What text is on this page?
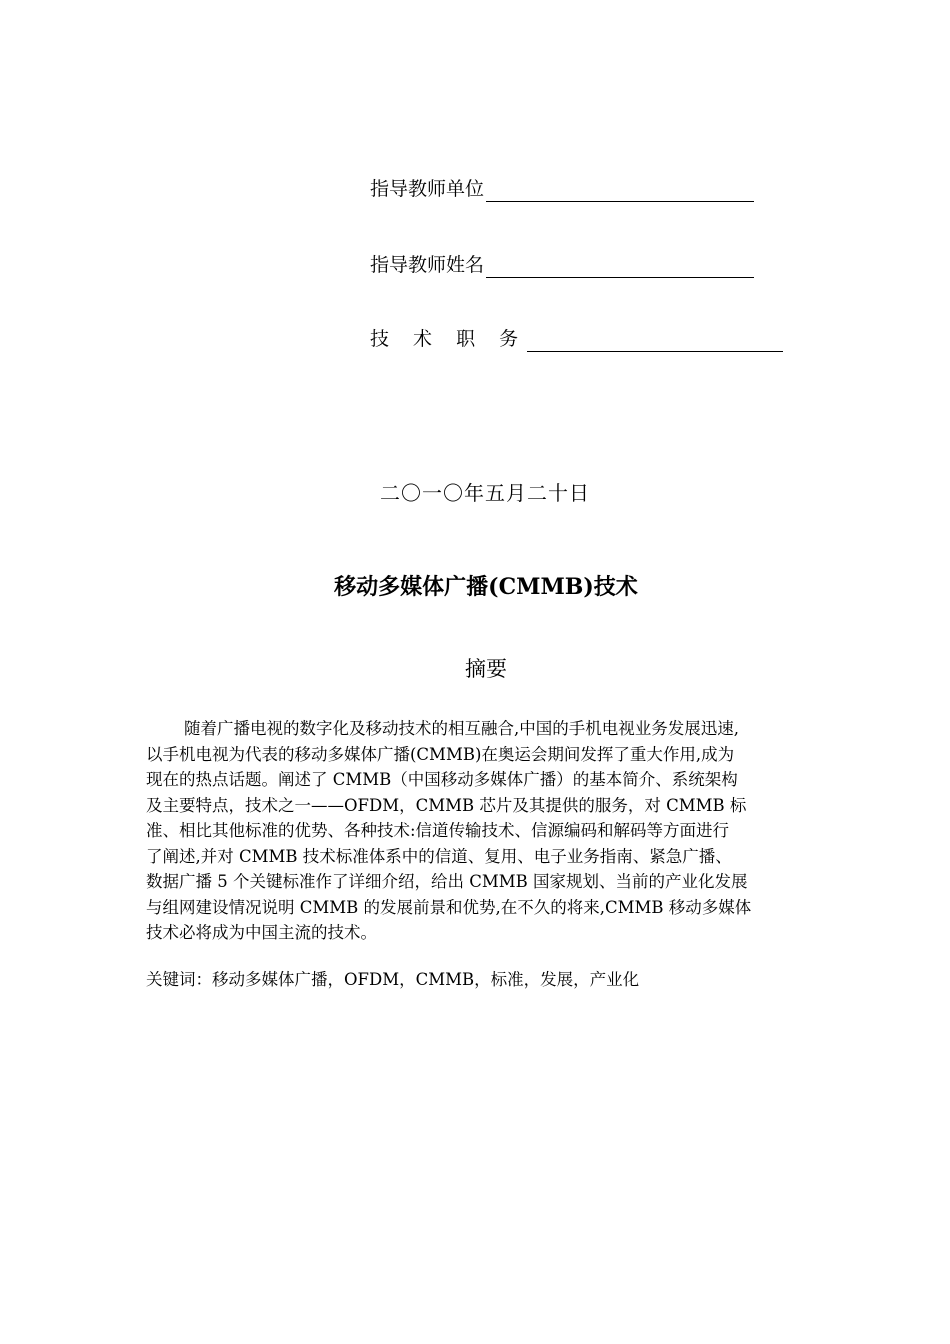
指导教师单位
指导教师姓名
技 术 职 务
二〇一〇年五月二十日
移动多媒体广播(CMMB)技术
摘要
随着广播电视的数字化及移动技术的相互融合,中国的手机电视业务发展迅速,
以手机电视为代表的移动多媒体广播(CMMB)在奥运会期间发挥了重大作用,成为
现在的热点话题。阐述了 CMMB（中国移动多媒体广播）的基本简介、系统架构
及主要特点，技术之一——OFDM，CMMB 芯片及其提供的服务，对 CMMB 标
准、相比其他标准的优势、各种技术:信道传输技术、信源编码和解码等方面进行
了阐述,并对 CMMB 技术标准体系中的信道、复用、电子业务指南、紧急广播、
数据广播 5 个关键标准作了详细介绍，给出 CMMB 国家规划、当前的产业化发展
与组网建设情况说明 CMMB 的发展前景和优势,在不久的将来,CMMB 移动多媒体
技术必将成为中国主流的技术。
关键词：移动多媒体广播，OFDM，CMMB，标准，发展，产业化
